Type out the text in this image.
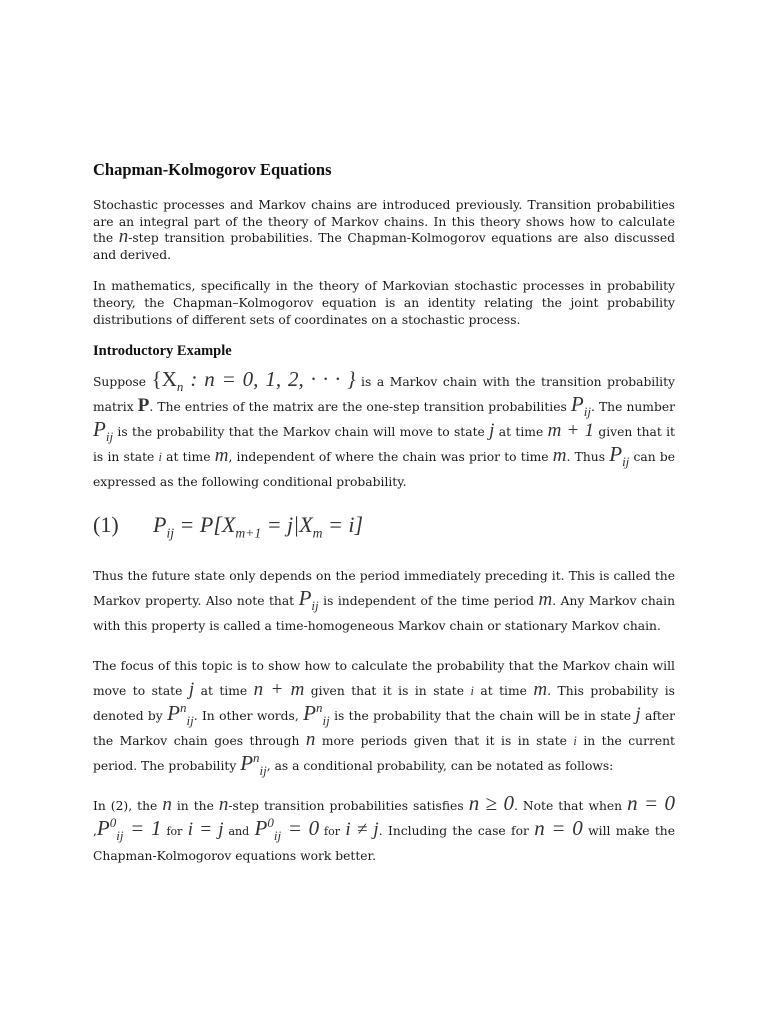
Chapman-Kolmogorov Equations

Stochastic processes and Markov chains are introduced previously. Transition probabilities are an integral part of the theory of Markov chains. In this theory shows how to calculate the n-step transition probabilities. The Chapman-Kolmogorov equations are also discussed and derived.

In mathematics, specifically in the theory of Markovian stochastic processes in probability theory, the Chapman–Kolmogorov equation is an identity relating the joint probability distributions of different sets of coordinates on a stochastic process.

Introductory Example

Suppose {$X_n$ : n = 0, 1, 2, · · · } is a Markov chain with the transition probability matrix P. The entries of the matrix are the one-step transition probabilities $P_{ij}$. The number $P_{ij}$ is the probability that the Markov chain will move to state j at time m + 1 given that it is in state i at time m, independent of where the chain was prior to time m. Thus $P_{ij}$ can be expressed as the following conditional probability.

(1)	$P_{ij} = P[X_{m+1} = j|X_m = i]$

Thus the future state only depends on the period immediately preceding it. This is called the Markov property. Also note that $P_{ij}$ is independent of the time period m. Any Markov chain with this property is called a time-homogeneous Markov chain or stationary Markov chain.

The focus of this topic is to show how to calculate the probability that the Markov chain will move to state j at time n + m given that it is in state i at time m. This probability is denoted by $P^n_{ij}$. In other words, $P^n_{ij}$ is the probability that the chain will be in state j after the Markov chain goes through n more periods given that it is in state i in the current period. The probability $P^n_{ij}$, as a conditional probability, can be notated as follows:

In (2), the n in the n-step transition probabilities satisfies n ≥ 0. Note that when n = 0 $,P^0_{ij} = 1$ for i = j and $P^0_{ij} = 0$ for i ≠ j. Including the case for n = 0 will make the Chapman-Kolmogorov equations work better.
